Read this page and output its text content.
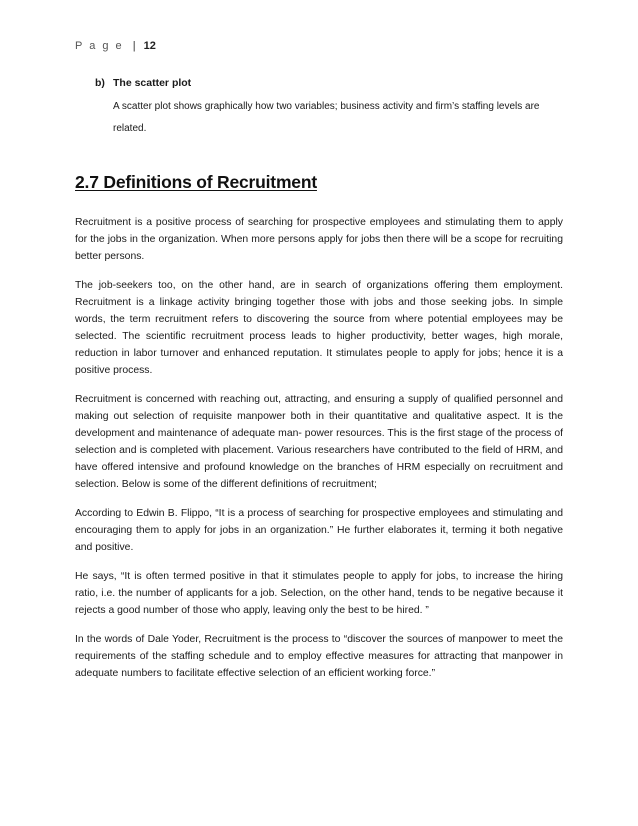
P a g e | 12

b) The scatter plot

A scatter plot shows graphically how two variables; business activity and firm’s staffing levels are related.

2.7 Definitions of Recruitment

Recruitment is a positive process of searching for prospective employees and stimulating them to apply for the jobs in the organization. When more persons apply for jobs then there will be a scope for recruiting better persons.

The job-seekers too, on the other hand, are in search of organizations offering them employment. Recruitment is a linkage activity bringing together those with jobs and those seeking jobs. In simple words, the term recruitment refers to discovering the source from where potential employees may be selected. The scientific recruitment process leads to higher productivity, better wages, high morale, reduction in labor turnover and enhanced reputation. It stimulates people to apply for jobs; hence it is a positive process.

Recruitment is concerned with reaching out, attracting, and ensuring a supply of qualified personnel and making out selection of requisite manpower both in their quantitative and qualitative aspect. It is the development and maintenance of adequate man- power resources. This is the first stage of the process of selection and is completed with placement. Various researchers have contributed to the field of HRM, and have offered intensive and profound knowledge on the branches of HRM especially on recruitment and selection. Below is some of the different definitions of recruitment;

According to Edwin B. Flippo, “It is a process of searching for prospective employees and stimulating and encouraging them to apply for jobs in an organization.” He further elaborates it, terming it both negative and positive.

He says, “It is often termed positive in that it stimulates people to apply for jobs, to increase the hiring ratio, i.e. the number of applicants for a job. Selection, on the other hand, tends to be negative because it rejects a good number of those who apply, leaving only the best to be hired. ”

In the words of Dale Yoder, Recruitment is the process to “discover the sources of manpower to meet the requirements of the staffing schedule and to employ effective measures for attracting that manpower in adequate numbers to facilitate effective selection of an efficient working force.”
